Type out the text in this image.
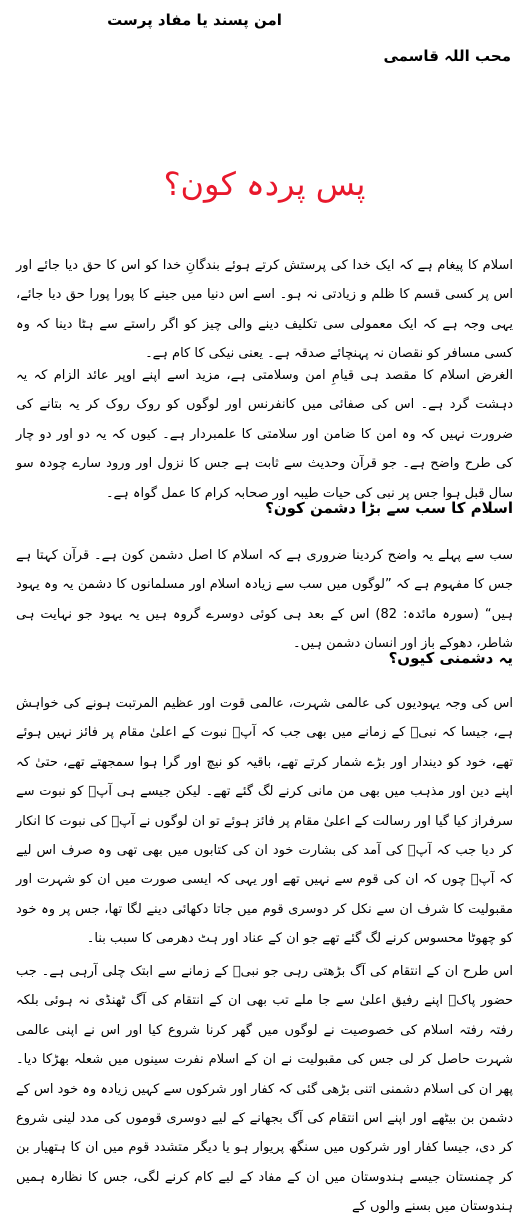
امن پسند یا مفاد پرست
محب اللہ قاسمی
پس پردہ کون؟

اسلام کا پیغام ہے کہ ایک خدا کی پرستش کرتے ہوئے بندگانِ خدا کو اس کا حق دیا جائے اور اس پر کسی قسم کا ظلم و زیادتی نہ ہو۔ اسے اس دنیا میں جینے کا پورا پورا حق دیا جائے، یہی وجہ ہے کہ ایک معمولی سی تکلیف دینے والی چیز کو اگر راستے سے ہٹا دینا کہ وہ کسی مسافر کو نقصان نہ پہنچائے صدقہ ہے۔ یعنی نیکی کا کام ہے۔

الغرض اسلام کا مقصد ہی قیامِ امن وسلامتی ہے، مزید اسے اپنے اوپر عائد الزام کہ یہ دہشت گرد ہے۔ اس کی صفائی میں کانفرنس اور لوگوں کو روک روک کر یہ بتانے کی ضرورت نہیں کہ وہ امن کا ضامن اور سلامتی کا علمبردار ہے۔ کیوں کہ یہ دو اور دو چار کی طرح واضح ہے۔ جو قرآن وحدیث سے ثابت ہے جس کا نزول اور ورود سارے چودہ سو سال قبل ہوا جس پر نبی کی حیات طیبہ اور صحابہ کرام کا عمل گواہ ہے۔

اسلام کا سب سے بڑا دشمن کون؟

سب سے پہلے یہ واضح کردینا ضروری ہے کہ اسلام کا اصل دشمن کون ہے۔ قرآن کہتا ہے جس کا مفہوم ہے کہ ”لوگوں میں سب سے زیادہ اسلام اور مسلمانوں کا دشمن یہ وہ یہود ہیں“ (سورہ مائدہ: 82) اس کے بعد ہی کوئی دوسرے گروہ ہیں یہ یہود جو نہایت ہی شاطر، دھوکے باز اور انسان دشمن ہیں۔

یہ دشمنی کیوں؟

اس کی وجہ یہودیوں کی عالمی شہرت، عالمی قوت اور عظیم المرتبت ہونے کی خواہش ہے، جیسا کہ نبیؐ کے زمانے میں بھی جب کہ آپؐ نبوت کے اعلیٰ مقام پر فائز نہیں ہوئے تھے، خود کو دیندار اور بڑے شمار کرتے تھے، باقیہ کو نیچ اور گرا ہوا سمجھتے تھے، حتیٰ کہ اپنے دین اور مذہب میں بھی من مانی کرنے لگ گئے تھے۔ لیکن جیسے ہی آپؐ کو نبوت سے سرفراز کیا گیا اور رسالت کے اعلیٰ مقام پر فائز ہوئے تو ان لوگوں نے آپؐ کی نبوت کا انکار کر دیا جب کہ آپؐ کی آمد کی بشارت خود ان کی کتابوں میں بھی تھی وہ صرف اس لیے کہ آپؐ چوں کہ ان کی قوم سے نہیں تھے اور یہی کہ ایسی صورت میں ان کو شہرت اور مقبولیت کا شرف ان سے نکل کر دوسری قوم میں جاتا دکھائی دینے لگا تھا، جس پر وہ خود کو چھوٹا محسوس کرنے لگ گئے تھے جو ان کے عناد اور ہٹ دھرمی کا سبب بنا۔

اس طرح ان کے انتقام کی آگ بڑھتی رہی جو نبیؐ کے زمانے سے ابتک چلی آرہی ہے۔ جب حضور پاکؐ اپنے رفیق اعلیٰ سے جا ملے تب بھی ان کے انتقام کی آگ ٹھنڈی نہ ہوئی بلکہ رفتہ رفتہ اسلام کی خصوصیت نے لوگوں میں گھر کرنا شروع کیا اور اس نے اپنی عالمی شہرت حاصل کر لی جس کی مقبولیت نے ان کے اسلام نفرت سینوں میں شعلہ بھڑکا دیا۔ پھر ان کی اسلام دشمنی اتنی بڑھی گئی کہ کفار اور شرکوں سے کہیں زیادہ وہ خود اس کے دشمن بن بیٹھے اور اپنے اس انتقام کی آگ بجھانے کے لیے دوسری قوموں کی مدد لینی شروع کر دی، جیسا کفار اور شرکوں میں سنگھ پریوار ہو یا دیگر متشدد قوم میں ان کا ہتھیار بن کر چمنستان جیسے ہندوستان میں ان کے مفاد کے لیے کام کرنے لگی، جس کا نظارہ ہمیں ہندوستان میں بسنے والوں کے
